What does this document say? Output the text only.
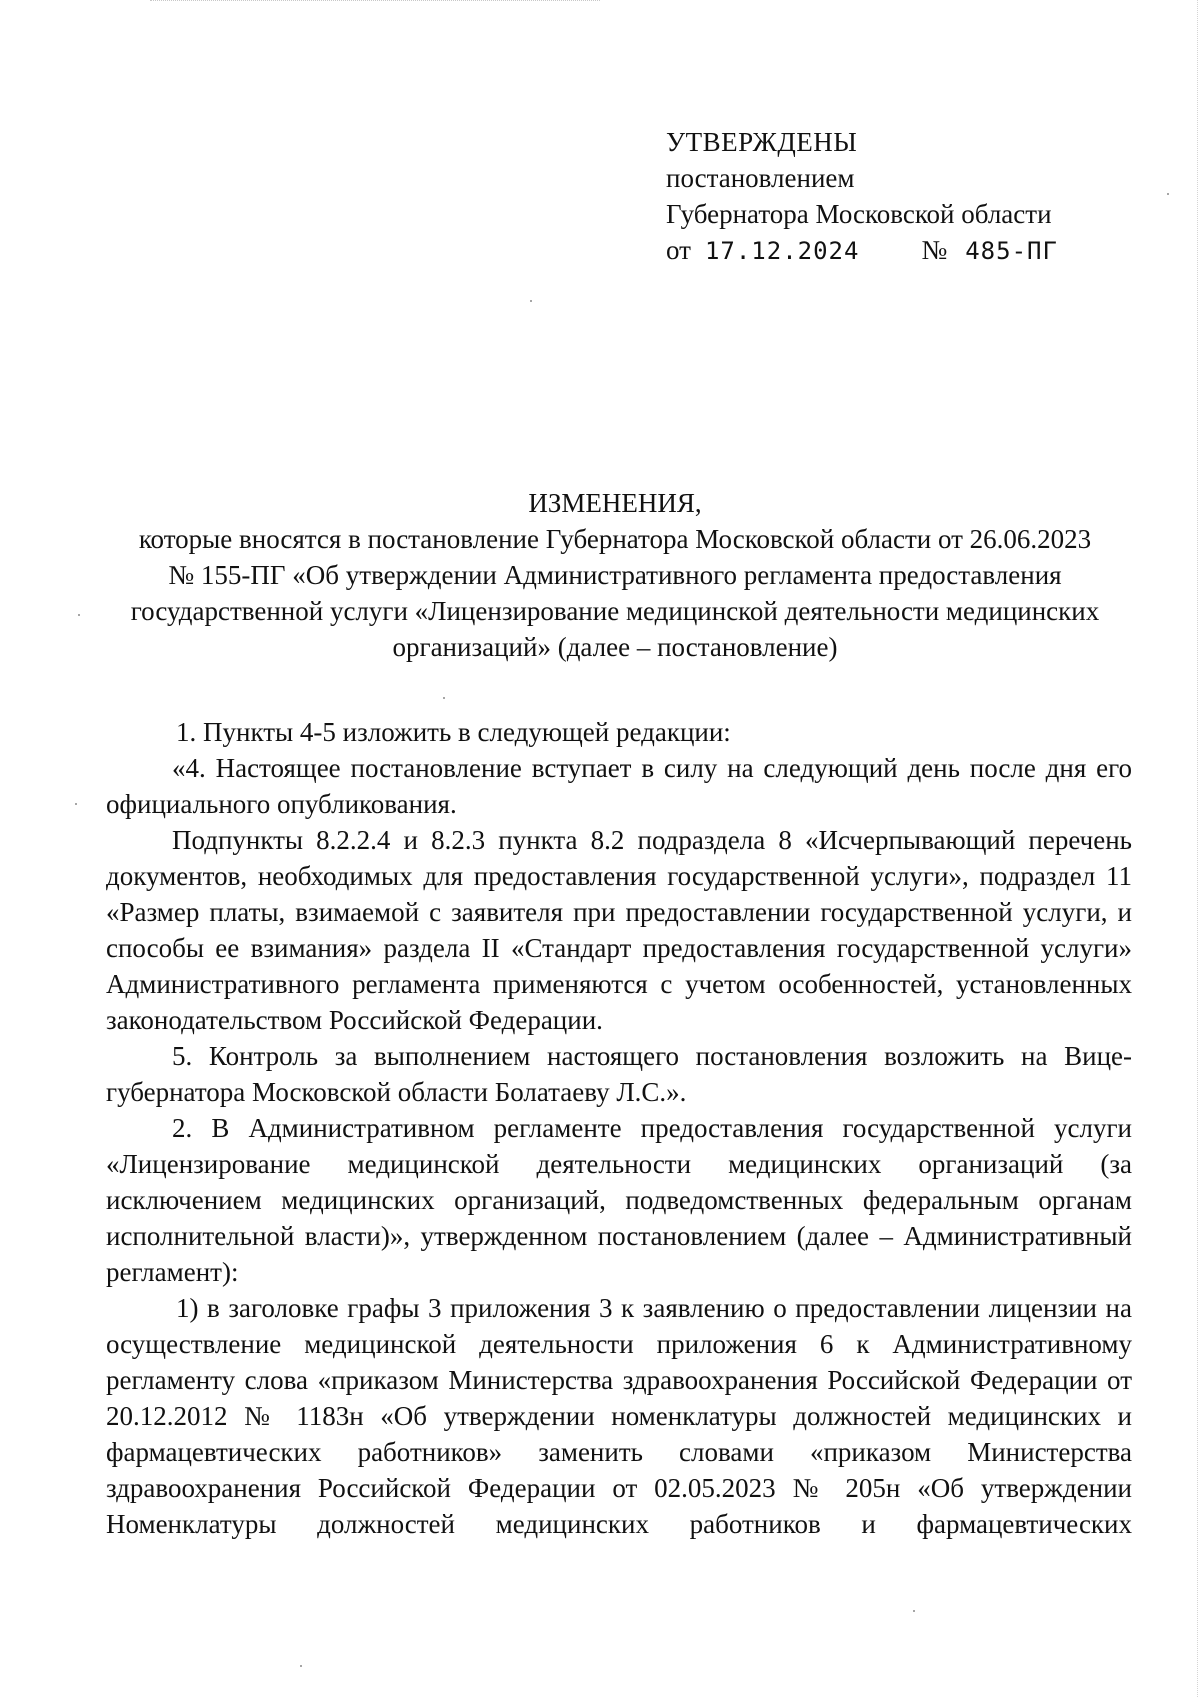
УТВЕРЖДЕНЫ
постановлением
Губернатора Московской области
от 17.12.2024 № 485-ПГ
ИЗМЕНЕНИЯ,
которые вносятся в постановление Губернатора Московской области от 26.06.2023
№ 155-ПГ «Об утверждении Административного регламента предоставления
государственной услуги «Лицензирование медицинской деятельности медицинских
организаций» (далее – постановление)

1. Пункты 4-5 изложить в следующей редакции:

«4. Настоящее постановление вступает в силу на следующий день после дня его официального опубликования.

Подпункты 8.2.2.4 и 8.2.3 пункта 8.2 подраздела 8 «Исчерпывающий перечень документов, необходимых для предоставления государственной услуги», подраздел 11 «Размер платы, взимаемой с заявителя при предоставлении государственной услуги, и способы ее взимания» раздела II «Стандарт предоставления государственной услуги» Административного регламента применяются с учетом особенностей, установленных законодательством Российской Федерации.

5. Контроль за выполнением настоящего постановления возложить на Вице-губернатора Московской области Болатаеву Л.С.».

2. В Административном регламенте предоставления государственной услуги «Лицензирование медицинской деятельности медицинских организаций (за исключением медицинских организаций, подведомственных федеральным органам исполнительной власти)», утвержденном постановлением (далее – Административный регламент):

1) в заголовке графы 3 приложения 3 к заявлению о предоставлении лицензии на осуществление медицинской деятельности приложения 6 к Административному регламенту слова «приказом Министерства здравоохранения Российской Федерации от 20.12.2012 № 1183н «Об утверждении номенклатуры должностей медицинских и фармацевтических работников» заменить словами «приказом Министерства здравоохранения Российской Федерации от 02.05.2023 № 205н «Об утверждении Номенклатуры должностей медицинских работников и фармацевтических
